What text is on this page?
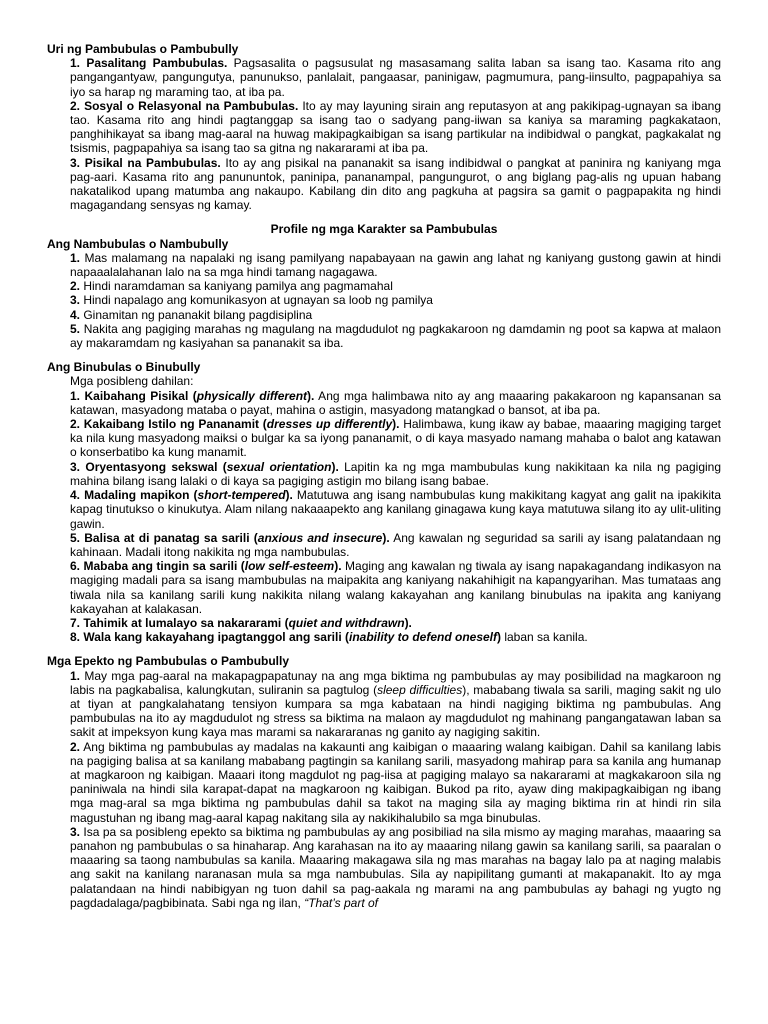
Uri ng Pambubulas o Pambubully

1. Pasalitang Pambubulas. Pagsasalita o pagsusulat ng masasamang salita laban sa isang tao. Kasama rito ang pangangantyaw, pangungutya, panunukso, panlalait, pangaasar, paninigaw, pagmumura, pang-iinsulto, pagpapahiya sa iyo sa harap ng maraming tao, at iba pa.

2. Sosyal o Relasyonal na Pambubulas. Ito ay may layuning sirain ang reputasyon at ang pakikipag-ugnayan sa ibang tao. Kasama rito ang hindi pagtanggap sa isang tao o sadyang pang-iiwan sa kaniya sa maraming pagkakataon, panghihikayat sa ibang mag-aaral na huwag makipagkaibigan sa isang partikular na indibidwal o pangkat, pagkakalat ng tsismis, pagpapahiya sa isang tao sa gitna ng nakararami at iba pa.

3. Pisikal na Pambubulas. Ito ay ang pisikal na pananakit sa isang indibidwal o pangkat at paninira ng kaniyang mga pag-aari. Kasama rito ang panununtok, paninipa, pananampal, pangungurot, o ang biglang pag-alis ng upuan habang nakatalikod upang matumba ang nakaupo. Kabilang din dito ang pagkuha at pagsira sa gamit o pagpapakita ng hindi magagandang sensyas ng kamay.

Profile ng mga Karakter sa Pambubulas

Ang Nambubulas o Nambubully

1. Mas malamang na napalaki ng isang pamilyang napabayaan na gawin ang lahat ng kaniyang gustong gawin at hindi napaaalalahanan lalo na sa mga hindi tamang nagagawa.

2. Hindi naramdaman sa kaniyang pamilya ang pagmamahal

3. Hindi napalago ang komunikasyon at ugnayan sa loob ng pamilya

4. Ginamitan ng pananakit bilang pagdisiplina

5. Nakita ang pagiging marahas ng magulang na magdudulot ng pagkakaroon ng damdamin ng poot sa kapwa at malaon ay makaramdam ng kasiyahan sa pananakit sa iba.

Ang Binubulas o Binubully

Mga posibleng dahilan:

1. Kaibahang Pisikal (physically different). Ang mga halimbawa nito ay ang maaaring pakakaroon ng kapansanan sa katawan, masyadong mataba o payat, mahina o astigin, masyadong matangkad o bansot, at iba pa.

2. Kakaibang Istilo ng Pananamit (dresses up differently). Halimbawa, kung ikaw ay babae, maaaring magiging target ka nila kung masyadong maiksi o bulgar ka sa iyong pananamit, o di kaya masyado namang mahaba o balot ang katawan o konserbatibo ka kung manamit.

3. Oryentasyong sekswal (sexual orientation). Lapitin ka ng mga mambubulas kung nakikitaan ka nila ng pagiging mahina bilang isang lalaki o di kaya sa pagiging astigin mo bilang isang babae.

4. Madaling mapikon (short-tempered). Matutuwa ang isang nambubulas kung makikitang kagyat ang galit na ipakikita kapag tinutukso o kinukutya. Alam nilang nakaaapekto ang kanilang ginagawa kung kaya matutuwa silang ito ay ulit-uliting gawin.

5. Balisa at di panatag sa sarili (anxious and insecure). Ang kawalan ng seguridad sa sarili ay isang palatandaan ng kahinaan. Madali itong nakikita ng mga nambubulas.

6. Mababa ang tingin sa sarili (low self-esteem). Maging ang kawalan ng tiwala ay isang napakagandang indikasyon na magiging madali para sa isang mambubulas na maipakita ang kaniyang nakahihigit na kapangyarihan. Mas tumataas ang tiwala nila sa kanilang sarili kung nakikita nilang walang kakayahan ang kanilang binubulas na ipakita ang kaniyang kakayahan at kalakasan.

7. Tahimik at lumalayo sa nakararami (quiet and withdrawn).

8. Wala kang kakayahang ipagtanggol ang sarili (inability to defend oneself) laban sa kanila.

Mga Epekto ng Pambubulas o Pambubully

1. May mga pag-aaral na makapagpapatunay na ang mga biktima ng pambubulas ay may posibilidad na magkaroon ng labis na pagkabalisa, kalungkutan, suliranin sa pagtulog (sleep difficulties), mababang tiwala sa sarili, maging sakit ng ulo at tiyan at pangkalahatang tensiyon kumpara sa mga kabataan na hindi nagiging biktima ng pambubulas. Ang pambubulas na ito ay magdudulot ng stress sa biktima na malaon ay magdudulot ng mahinang pangangatawan laban sa sakit at impeksyon kung kaya mas marami sa nakararanas ng ganito ay nagiging sakitin.

2. Ang biktima ng pambubulas ay madalas na kakaunti ang kaibigan o maaaring walang kaibigan. Dahil sa kanilang labis na pagiging balisa at sa kanilang mababang pagtingin sa kanilang sarili, masyadong mahirap para sa kanila ang humanap at magkaroon ng kaibigan. Maaari itong magdulot ng pag-iisa at pagiging malayo sa nakararami at magkakaroon sila ng paniniwala na hindi sila karapat-dapat na magkaroon ng kaibigan. Bukod pa rito, ayaw ding makipagkaibigan ng ibang mga mag-aral sa mga biktima ng pambubulas dahil sa takot na maging sila ay maging biktima rin at hindi rin sila magustuhan ng ibang mag-aaral kapag nakitang sila ay nakikihalubilo sa mga binubulas.

3. Isa pa sa posibleng epekto sa biktima ng pambubulas ay ang posibiliad na sila mismo ay maging marahas, maaaring sa panahon ng pambubulas o sa hinaharap. Ang karahasan na ito ay maaaring nilang gawin sa kanilang sarili, sa paaralan o maaaring sa taong nambubulas sa kanila. Maaaring makagawa sila ng mas marahas na bagay lalo pa at naging malabis ang sakit na kanilang naranasan mula sa mga nambubulas. Sila ay napipilitang gumanti at makapanakit. Ito ay mga palatandaan na hindi nabibigyan ng tuon dahil sa pag-aakala ng marami na ang pambubulas ay bahagi ng yugto ng pagdadalaga/pagbibinata. Sabi nga ng ilan, “That’s part of
